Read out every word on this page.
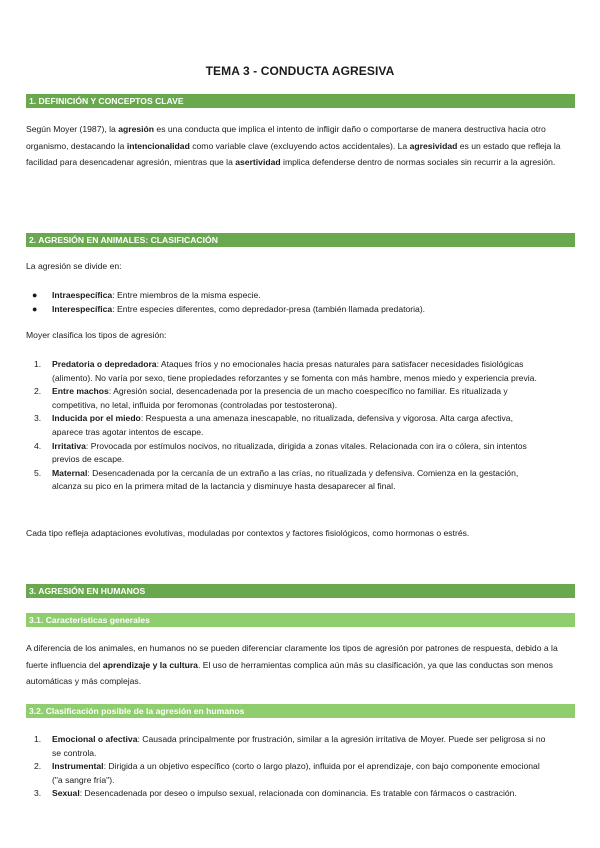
TEMA 3 - CONDUCTA AGRESIVA
1. DEFINICIÓN Y CONCEPTOS CLAVE
Según Moyer (1987), la agresión es una conducta que implica el intento de infligir daño o comportarse de manera destructiva hacia otro organismo, destacando la intencionalidad como variable clave (excluyendo actos accidentales). La agresividad es un estado que refleja la facilidad para desencadenar agresión, mientras que la asertividad implica defenderse dentro de normas sociales sin recurrir a la agresión.
2. AGRESIÓN EN ANIMALES: CLASIFICACIÓN
La agresión se divide en:
● Intraespecífica: Entre miembros de la misma especie.
● Interespecífica: Entre especies diferentes, como depredador-presa (también llamada predatoria).
Moyer clasifica los tipos de agresión:
1. Predatoria o depredadora: Ataques fríos y no emocionales hacia presas naturales para satisfacer necesidades fisiológicas (alimento). No varía por sexo, tiene propiedades reforzantes y se fomenta con más hambre, menos miedo y experiencia previa.
2. Entre machos: Agresión social, desencadenada por la presencia de un macho coespecífico no familiar. Es ritualizada y competitiva, no letal, influida por feromonas (controladas por testosterona).
3. Inducida por el miedo: Respuesta a una amenaza inescapable, no ritualizada, defensiva y vigorosa. Alta carga afectiva, aparece tras agotar intentos de escape.
4. Irritativa: Provocada por estímulos nocivos, no ritualizada, dirigida a zonas vitales. Relacionada con ira o cólera, sin intentos previos de escape.
5. Maternal: Desencadenada por la cercanía de un extraño a las crías, no ritualizada y defensiva. Comienza en la gestación, alcanza su pico en la primera mitad de la lactancia y disminuye hasta desaparecer al final.
Cada tipo refleja adaptaciones evolutivas, moduladas por contextos y factores fisiológicos, como hormonas o estrés.
3. AGRESIÓN EN HUMANOS
3.1. Características generales
A diferencia de los animales, en humanos no se pueden diferenciar claramente los tipos de agresión por patrones de respuesta, debido a la fuerte influencia del aprendizaje y la cultura. El uso de herramientas complica aún más su clasificación, ya que las conductas son menos automáticas y más complejas.
3.2. Clasificación posible de la agresión en humanos
1. Emocional o afectiva: Causada principalmente por frustración, similar a la agresión irritativa de Moyer. Puede ser peligrosa si no se controla.
2. Instrumental: Dirigida a un objetivo específico (corto o largo plazo), influida por el aprendizaje, con bajo componente emocional ("a sangre fría").
3. Sexual: Desencadenada por deseo o impulso sexual, relacionada con dominancia. Es tratable con fármacos o castración.
